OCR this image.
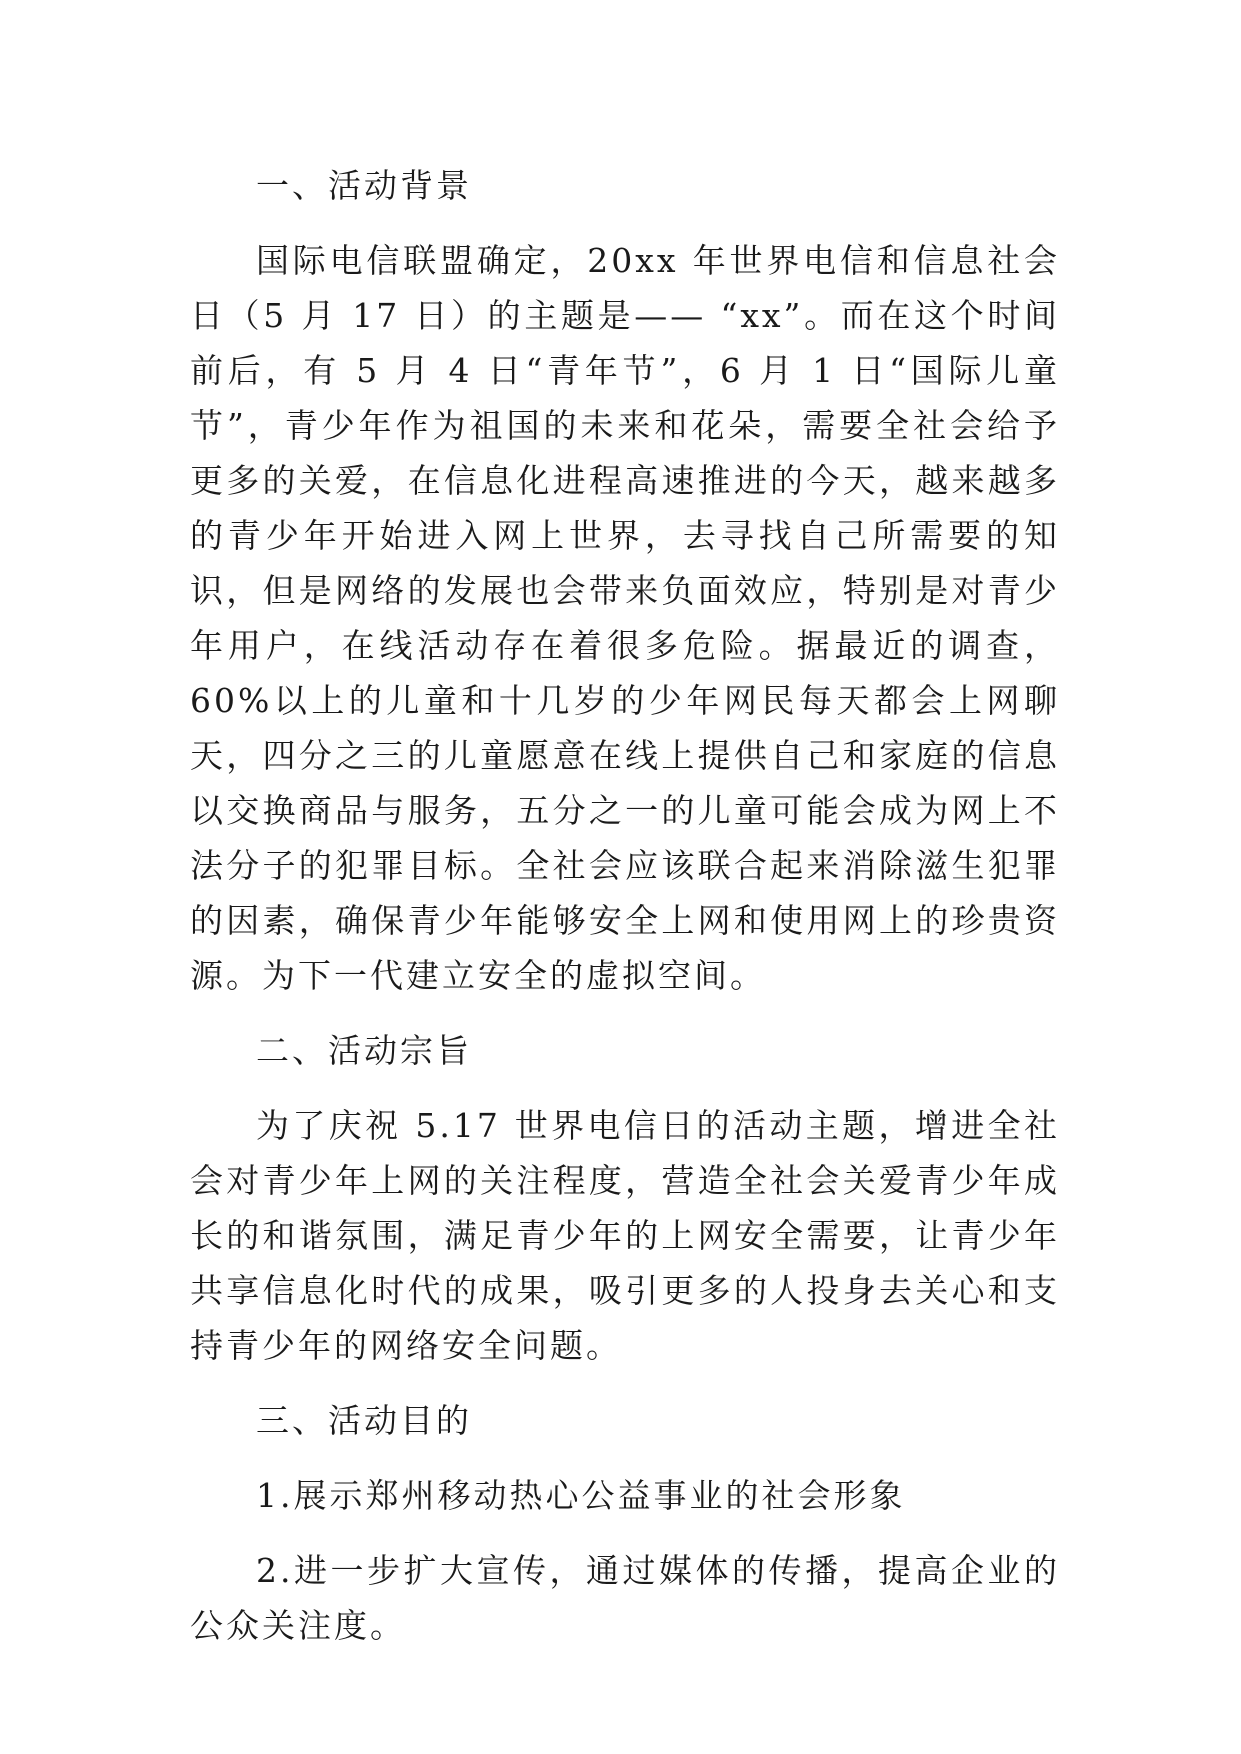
一、活动背景

国际电信联盟确定，20xx 年世界电信和信息社会日（5 月 17 日）的主题是—— “xx”。而在这个时间前后，有 5 月 4 日“青年节”，6 月 1 日“国际儿童节”，青少年作为祖国的未来和花朵，需要全社会给予更多的关爱，在信息化进程高速推进的今天，越来越多的青少年开始进入网上世界，去寻找自己所需要的知识，但是网络的发展也会带来负面效应，特别是对青少年用户，在线活动存在着很多危险。据最近的调查，60%以上的儿童和十几岁的少年网民每天都会上网聊天，四分之三的儿童愿意在线上提供自己和家庭的信息以交换商品与服务，五分之一的儿童可能会成为网上不法分子的犯罪目标。全社会应该联合起来消除滋生犯罪的因素，确保青少年能够安全上网和使用网上的珍贵资源。为下一代建立安全的虚拟空间。

二、活动宗旨

为了庆祝 5.17 世界电信日的活动主题，增进全社会对青少年上网的关注程度，营造全社会关爱青少年成长的和谐氛围，满足青少年的上网安全需要，让青少年共享信息化时代的成果，吸引更多的人投身去关心和支持青少年的网络安全问题。

三、活动目的

1.展示郑州移动热心公益事业的社会形象

2.进一步扩大宣传，通过媒体的传播，提高企业的公众关注度。
